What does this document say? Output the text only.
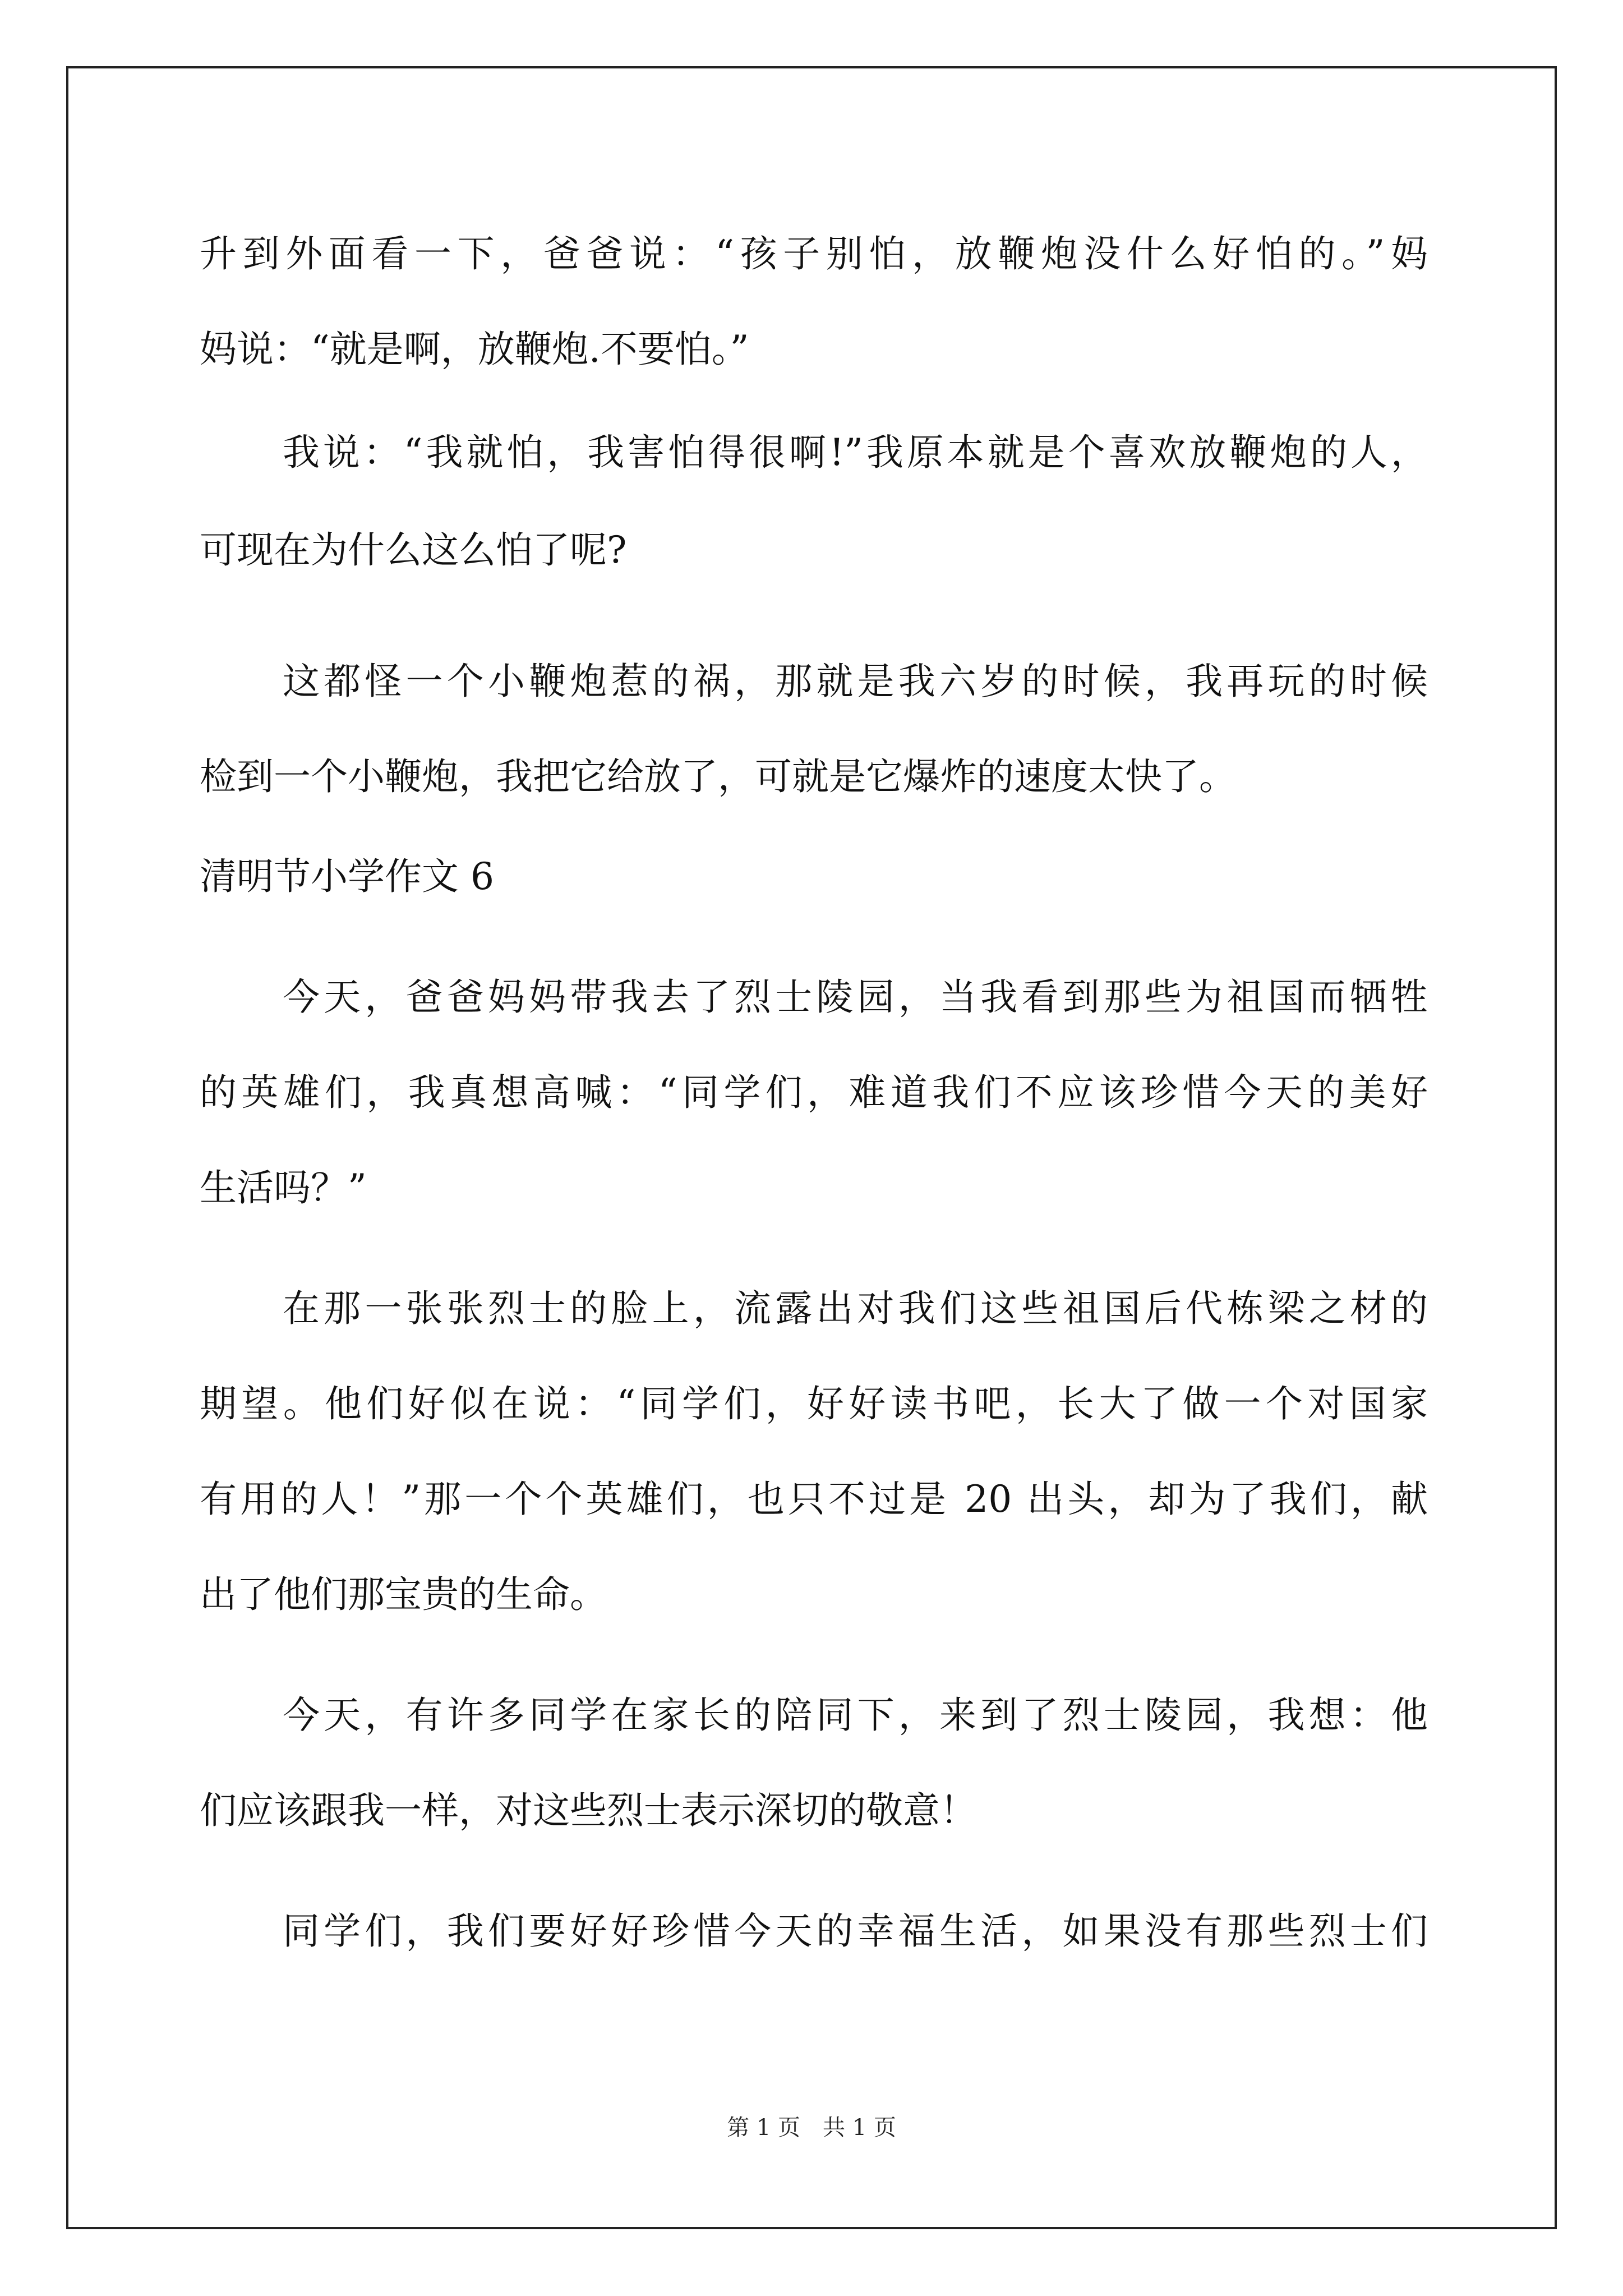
升到外面看一下，爸爸说：“孩子别怕，放鞭炮没什么好怕的。”妈
妈说：“就是啊，放鞭炮.不要怕。”
我说：“我就怕，我害怕得很啊!”我原本就是个喜欢放鞭炮的人，
可现在为什么这么怕了呢?
这都怪一个小鞭炮惹的祸，那就是我六岁的时候，我再玩的时候
检到一个小鞭炮，我把它给放了，可就是它爆炸的速度太快了。
清明节小学作文 6
今天，爸爸妈妈带我去了烈士陵园，当我看到那些为祖国而牺牲
的英雄们，我真想高喊：“同学们，难道我们不应该珍惜今天的美好
生活吗？”
在那一张张烈士的脸上，流露出对我们这些祖国后代栋梁之材的
期望。他们好似在说：“同学们，好好读书吧，长大了做一个对国家
有用的人！”那一个个英雄们，也只不过是 20 出头，却为了我们，献
出了他们那宝贵的生命。
今天，有许多同学在家长的陪同下，来到了烈士陵园，我想：他
们应该跟我一样，对这些烈士表示深切的敬意！
同学们，我们要好好珍惜今天的幸福生活，如果没有那些烈士们
第 1 页　共 1 页
